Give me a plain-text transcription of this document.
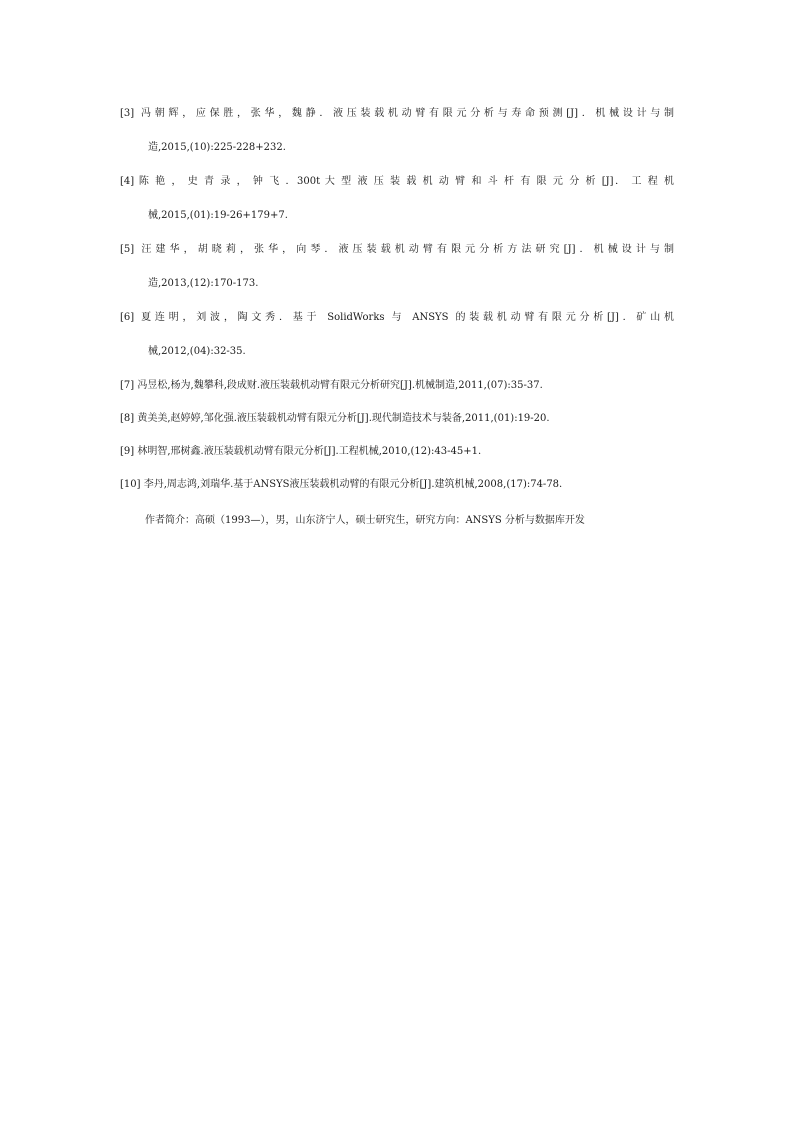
[3] 冯朝辉，应保胜，张华，魏静．液压装载机动臂有限元分析与寿命预测[J]．机械设计与制
造,2015,(10):225-228+232.
[4] 陈 艳 ， 史 青 录 ， 钟 飞 ．300t 大 型 液 压 装 载 机 动 臂 和 斗 杆 有 限 元 分 析 [J]． 工 程 机
械,2015,(01):19-26+179+7.
[5] 汪建华，胡晓莉，张华，向琴．液压装载机动臂有限元分析方法研究[J]．机械设计与制
造,2013,(12):170-173.
[6] 夏连明，刘波，陶文秀．基于 SolidWorks 与 ANSYS 的装载机动臂有限元分析[J]．矿山机
械,2012,(04):32-35.
[7] 冯昱松,杨为,魏攀科,段成财.液压装载机动臂有限元分析研究[J].机械制造,2011,(07):35-37.
[8] 黄美美,赵婷婷,邹化强.液压装载机动臂有限元分析[J].现代制造技术与装备,2011,(01):19-20.
[9] 林明智,邢树鑫.液压装载机动臂有限元分析[J].工程机械,2010,(12):43-45+1.
[10] 李丹,周志鸿,刘瑞华.基于ANSYS液压装载机动臂的有限元分析[J].建筑机械,2008,(17):74-78.
作者简介：高硕（1993—），男，山东济宁人，硕士研究生，研究方向：ANSYS 分析与数据库开发
